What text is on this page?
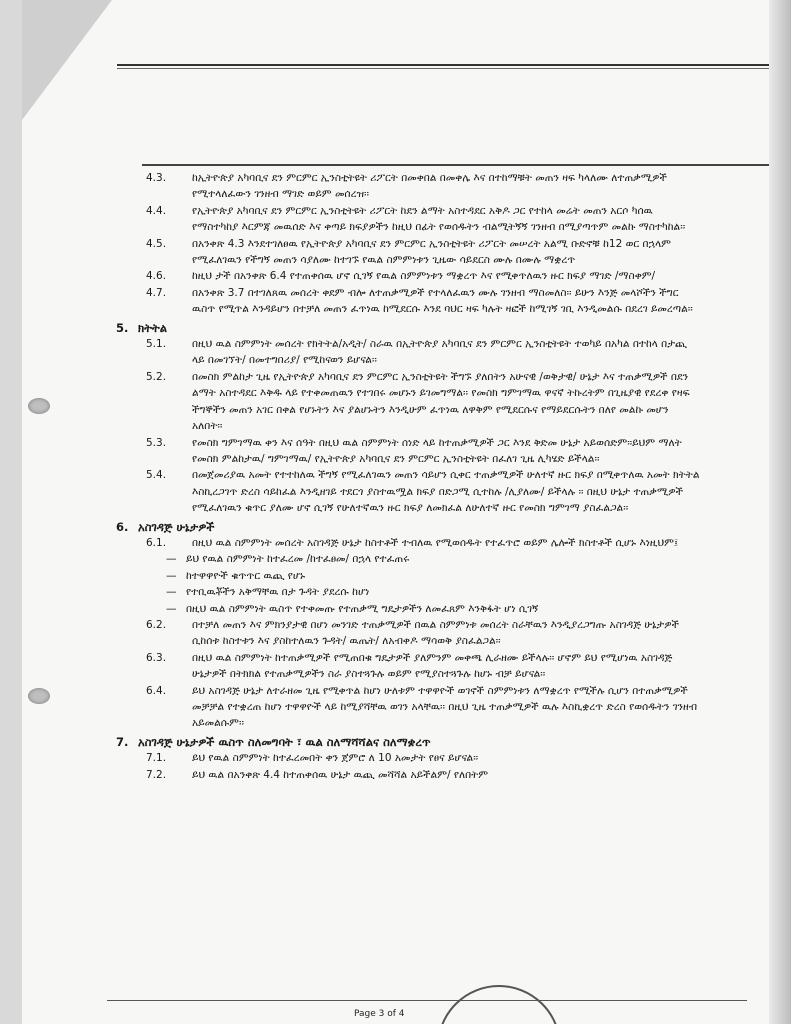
4.3.	ከኢትዮጵያ አካባቢና ደን ምርምር ኢንስቲትዩት ሪፖርት በመቀበል በመቀሌ እና በተከማቹት መጠን ዛፍ ካላለሙ ለተጠቃሚዎች የሚተላለፈውን ገንዘብ ማገድ ወይም መሰረዝ፡፡
4.4.	የኢትዮጵያ አካባቢና ደን ምርምር ኢንስቲትዩት ሪፖርት ከደን ልማት አስተዳደር አቅዶ ጋር የተከላ መሬት መጠን አርሶ ካሰዉ የማስተካከያ እርምጃ መዉሰድ እና ቀጣይ ክፍያዎችን ከዚህ በፊት የወሰዱትን ብልሚትኝኝ ገንዘብ በሚያጣጥም መልኩ ማስተካከል፡፡
4.5.	በአንቀጽ 4.3 እንደተገለፀዉ የኢትዮጵያ አካባቢና ደን ምርምር ኢንስቲትዩት ሪፖርት መሠረት አልሚ ቡድኖቹ ከ12 ወር በኋላም የሚፈለገዉን የችግኝ መጠን ሳያለሙ ከተገኙ የዉል ስምምነቱን ጊዜው ሳይደርስ ሙሉ በሙሉ ማቋረጥ
4.6.	ከዚህ ታች በአንቀጽ 6.4 የተጠቀሰዉ ሆኖ ሲገኝ የዉል ስምምነቱን ማቋረጥ እና የሚቀጥለዉን ዙር ክፍያ ማገድ /ማስቀም/
4.7.	በአንቀጽ 3.7 በተገለጸዉ መሰረት ቀደም ብሎ ለተጠቃሚዎች የተላለፈዉን ሙሉ ገንዘብ ማስመለስ፡፡ ይሁን እንጅ መላሾችን ችግር ዉስጥ የሚጥል እንዳይሆን በተቻለ መጠን ፈጥነዉ ከሚደርሱ እንደ ባህር ዛፍ ካሉት ዛፎች ከሚገኝ ገቢ እንዲመልሱ በደረገ ይመረጣል፡፡
5. ክትትል
5.1.	በዚህ ዉል ስምምነት መሰረት የክትትል/አዲት/ ስራዉ በኢትዮጵያ አካባቢና ደን ምርምር ኢንስቲትዩት ተወካይ በአካል በተከላ በታጪ ላይ በመገኘት/ በመተግበሪያ/ የሚከናወን ይሆናል፡፡
5.2.	በመስክ ምልከታ ጊዜ የኢትዮጵያ አካባቢና ደን ምርምር ኢንስቲትዩት ችግኙ ያለበትን አሁናዊ /ወቅታዊ/ ሁኔታ እና ተጠቃሚዎች በደን ልማት አስተዳደር እቅዱ ላይ የተቀመጠዉን የተገበሩ መሆኑን ይገመግማል፡፡ የመስክ ግምገማዉ ዋናኛ ትኩረትም በጊዜያዊ የደረቀ የዛፍ ችግኞችን መጠን አገር በቀል የሆኑትን እና ያልሆኑትን እንዲሁም ፈጥነዉ ለዋቅም የሚደርሱና የማይደርሱትን በለየ መልኩ መሆን አለበት፡፡
5.3.	የመስክ ግምገማዉ ቀን እና ሰዓት በዚህ ዉል ስምምነት ሰነድ ላይ ከተጠቃሚዎች ጋር እንደ ቅድመ ሁኔታ አይወሰድም፡፡ይህም ማለት የመስክ ምልከታዉ/ ግምገማዉ/ የኢትዮጵያ አካባቢና ደን ምርምር ኢንስቲትዩት በፈለገ ጊዜ ሊካሄድ ይችላል፡፡
5.4.	በመጀመሪያዉ አመት የተተከለዉ ችግኝ የሚፈለገዉን መጠን ሳይሆን ሲቀር ተጠቃሚዎች ሁለተኛ ዙር ክፍያ በሚቀጥለዉ አመት ክትትል እስኪረጋገጥ ድረስ ሳይከፈል እንዲዘገይ ተደርጎ ያስተዉሟል ክፍያ በድጋሚ ሲተከሉ /ሊያለሙ/ ይችላሉ ፡፡ በዚህ ሁኔታ ተጠቃሚዎች የሚፈለገዉን ቁጥር ያለሙ ሆኖ ሲገኝ የሁለተኛዉን ዙር ክፍያ ለመክፈል ለሁለተኛ ዙር የመስክ ግምገማ ያስፈልጋል፡፡
6. አስገዳጅ ሁኔታዎች
6.1.	በዚህ ዉል ስምምነት መሰረት አስገዳጅ ሁኔታ ከስተቶች ተብለዉ የሚወሰዱት የተፈጥሮ ወይም ሌሎች ክስተቶች ሲሆኑ እነዚህም፤
— ይህ የዉል ስምምነት ከተፈረመ /ከተፈፀመ/ በኋላ የተፈጠሩ
— ከተዋዋዮች ቁጥጥር ዉጪ የሆኑ
— የተቢዉቾችን አቅማቸዉ በታ ጉዳት ያደረሱ ከሆነ
— በዚህ ዉል ስምምነት ዉስጥ የተቀመጡ የተጠቃሚ ግዴታዎችን ለመፈጸም እንቅፋት ሆነ ሲገኝ
6.2.	በተቻለ መጠን እና ምክንያታዊ በሆነ መንገድ ተጠቃሚዎች በዉል ስምምነቱ መሰረት ስራቸዉን እንዲያረጋግጡ አስገዳጅ ሁኔታዎች ሲከሰቱ ከስተቱን እና ያስከተለዉን ጉዳት/ ዉጤት/ ለአብቀዶ ማሳወቅ ያስፈልጋል፡፡
6.3.	በዚህ ዉል ስምምነት ከተጠቃሚዎች የሚጠበቁ ግዴታዎች ያለምንም መቀጫ ሊራዘሙ ይችላሉ፡፡ ሆኖም ይህ የሚሆነዉ አስገዳጅ ሁኔታዎች በትክክል የተጠቃሚዎችን ስራ ያስተጓጉሉ ወይም የሚያስተጓጉሉ ከሆኑ ብቻ ይሆናል፡፡
6.4.	ይህ አስገዳጅ ሁኔታ ለተራዘመ ጊዜ የሚቀጥል ከሆነ ሁለቱም ተዋዋዮች ወገኖች ስምምነቱን ለማቋረጥ የሚችሉ ሲሆን በተጠቃሚዎች መቻቻል የተቋረጠ ከሆነ ተዋዋዮች ላይ ከሚያሻቸዉ ወገን አላቸዉ፡፡ በዚህ ጊዜ ተጠቃሚዎች ዉሉ እስኪቋረጥ ድረስ የወሰዱትን ገንዘብ አይመልሱም፡፡
7. አስገዳጅ ሁኔታዎች ዉስጥ ስለመግባት ፣ ዉል ስለማሻሻልና ስለማቋረጥ
7.1.	ይህ የዉል ስምምነት ከተፈረመበት ቀን ጀምሮ ለ 10 አመታት የፀና ይሆናል፡፡
7.2.	ይህ ዉል በአንቀጽ 4.4 ከተጠቀሰዉ ሁኔታ ዉጪ መሻሻል አይችልም/ የለበትም
Page 3 of 4
